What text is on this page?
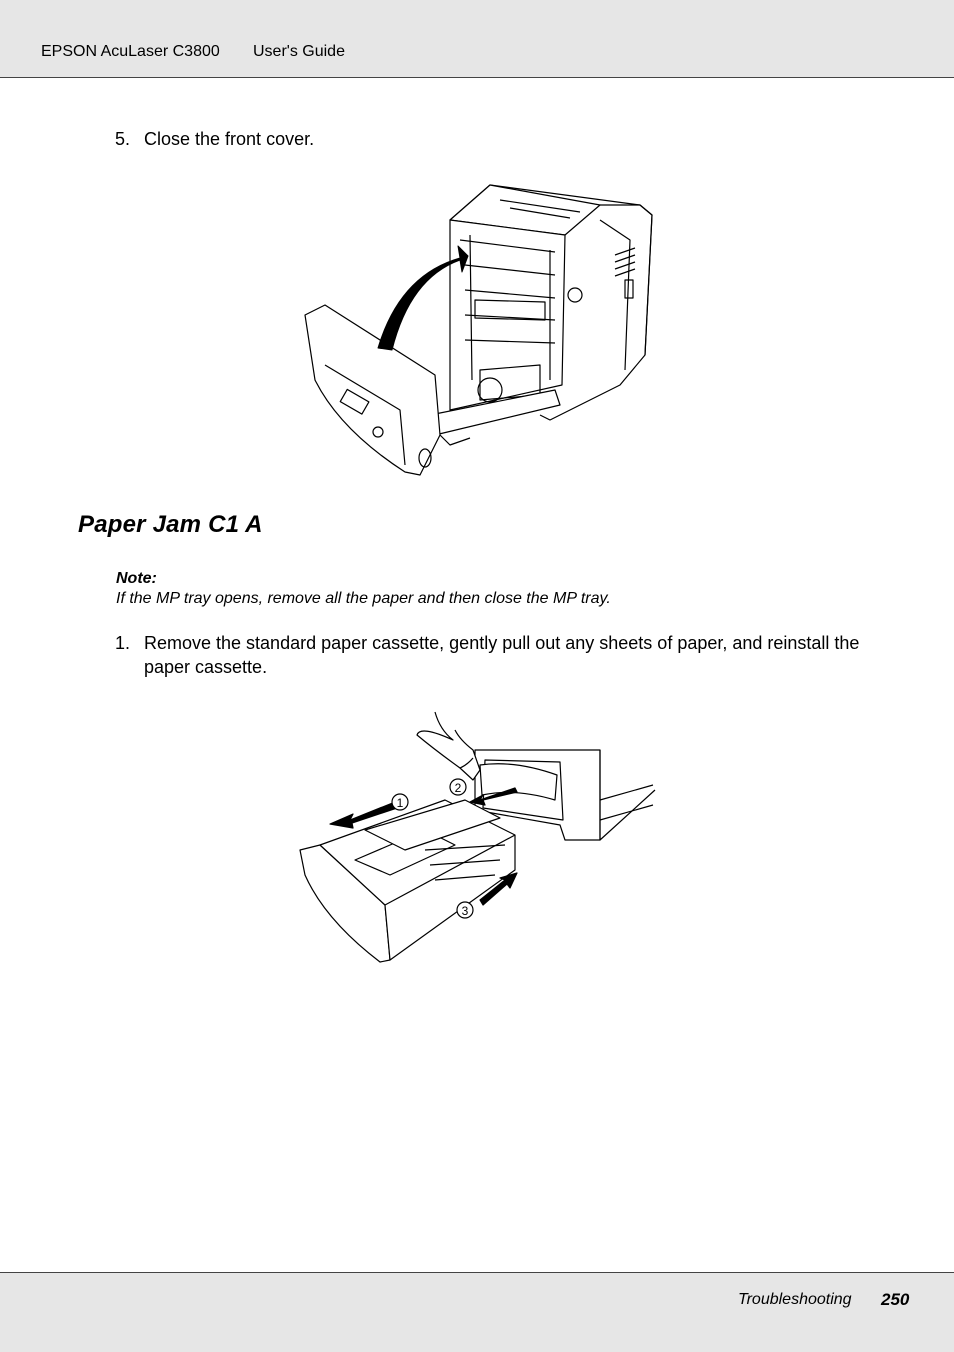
EPSON AcuLaser C3800 User's Guide
5. Close the front cover.
Paper Jam C1 A
Note:
If the MP tray opens, remove all the paper and then close the MP tray.
1. Remove the standard paper cassette, gently pull out any sheets of paper, and reinstall the paper cassette.
2
1
3
Troubleshooting 250
